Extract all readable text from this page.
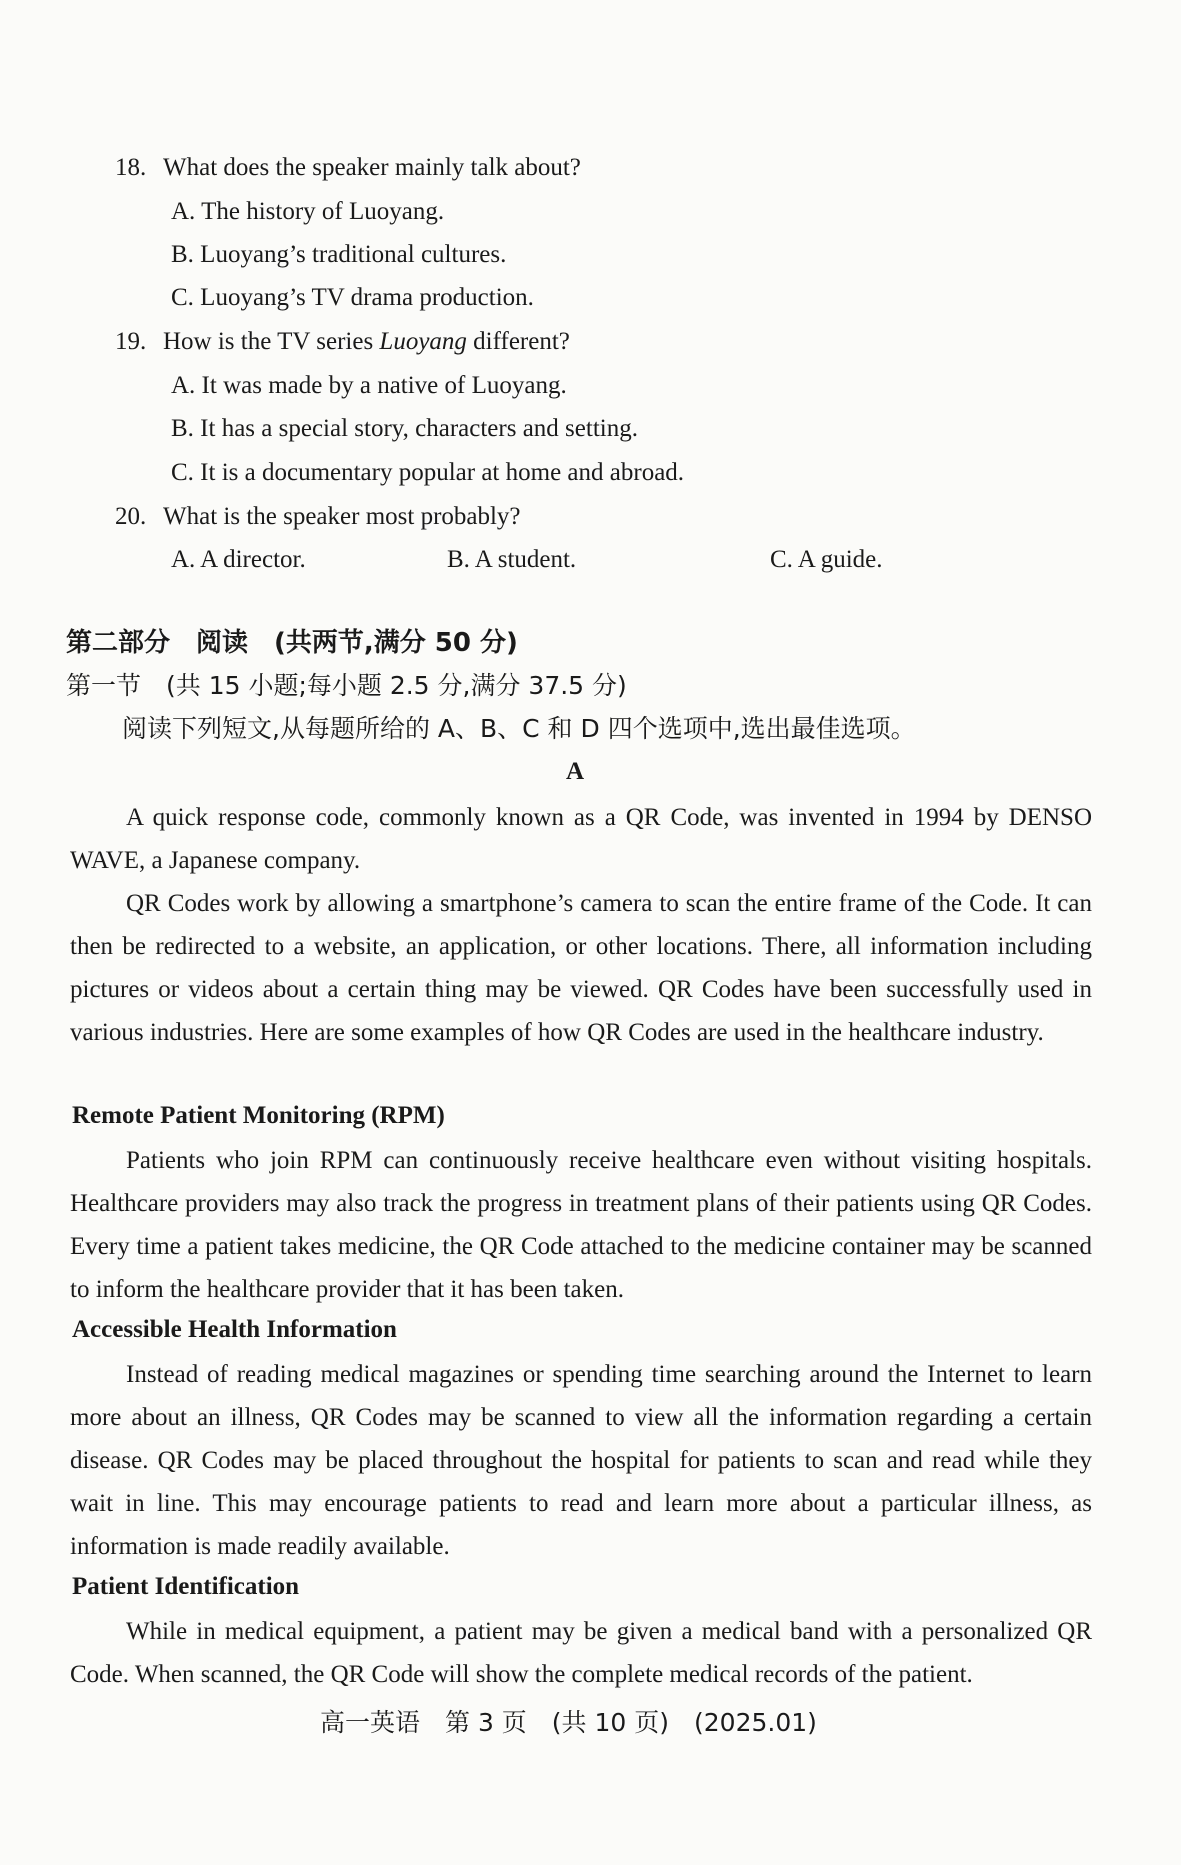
18. What does the speaker mainly talk about?
A. The history of Luoyang.
B. Luoyang’s traditional cultures.
C. Luoyang’s TV drama production.
19. How is the TV series Luoyang different?
A. It was made by a native of Luoyang.
B. It has a special story, characters and setting.
C. It is a documentary popular at home and abroad.
20. What is the speaker most probably?
A. A director.	B. A student.	C. A guide.
第二部分　阅读　(共两节,满分 50 分)
第一节　(共 15 小题;每小题 2.5 分,满分 37.5 分)
阅读下列短文,从每题所给的 A、B、C 和 D 四个选项中,选出最佳选项。
A
A quick response code, commonly known as a QR Code, was invented in 1994 by DENSO WAVE, a Japanese company.
QR Codes work by allowing a smartphone’s camera to scan the entire frame of the Code. It can then be redirected to a website, an application, or other locations. There, all information including pictures or videos about a certain thing may be viewed. QR Codes have been successfully used in various industries. Here are some examples of how QR Codes are used in the healthcare industry.
Remote Patient Monitoring (RPM)
Patients who join RPM can continuously receive healthcare even without visiting hospitals. Healthcare providers may also track the progress in treatment plans of their patients using QR Codes. Every time a patient takes medicine, the QR Code attached to the medicine container may be scanned to inform the healthcare provider that it has been taken.
Accessible Health Information
Instead of reading medical magazines or spending time searching around the Internet to learn more about an illness, QR Codes may be scanned to view all the information regarding a certain disease. QR Codes may be placed throughout the hospital for patients to scan and read while they wait in line. This may encourage patients to read and learn more about a particular illness, as information is made readily available.
Patient Identification
While in medical equipment, a patient may be given a medical band with a personalized QR Code. When scanned, the QR Code will show the complete medical records of the patient.
高一英语　第 3 页　(共 10 页)　(2025.01)
